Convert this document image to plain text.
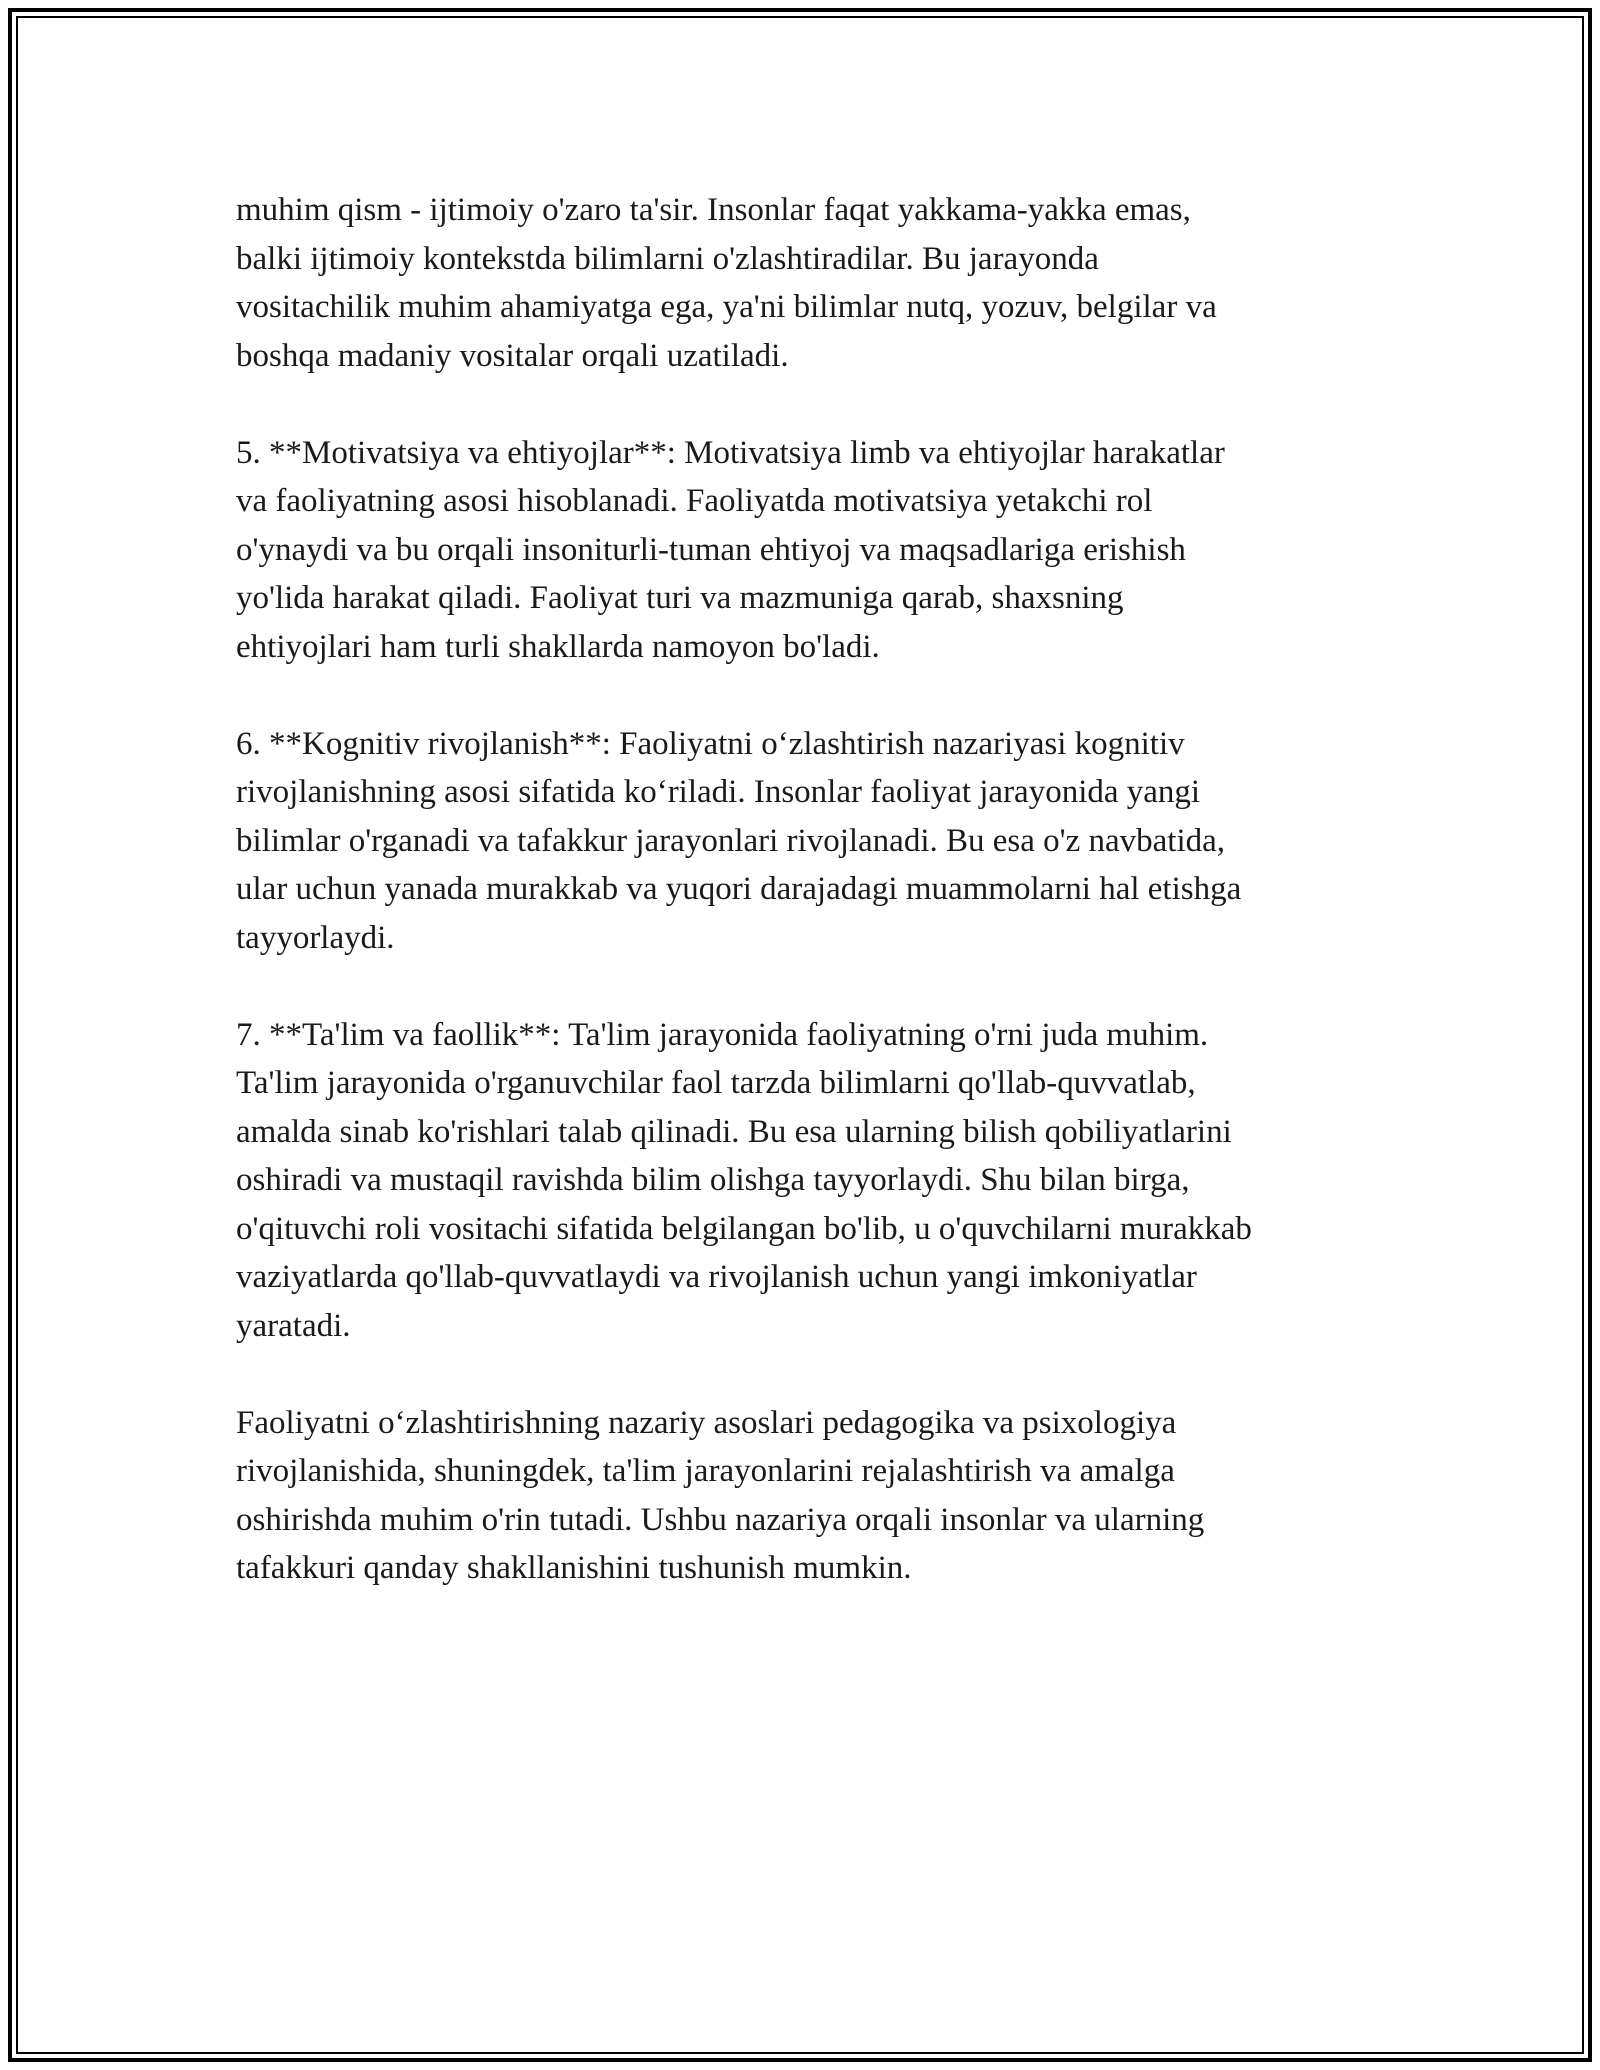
muhim qism - ijtimoiy o'zaro ta'sir. Insonlar faqat yakkama-yakka emas,
balki ijtimoiy kontekstda bilimlarni o'zlashtiradilar. Bu jarayonda
vositachilik muhim ahamiyatga ega, ya'ni bilimlar nutq, yozuv, belgilar va
boshqa madaniy vositalar orqali uzatiladi.

5. **Motivatsiya va ehtiyojlar**: Motivatsiya limb va ehtiyojlar harakatlar
va faoliyatning asosi hisoblanadi. Faoliyatda motivatsiya yetakchi rol
o'ynaydi va bu orqali insoniturli-tuman ehtiyoj va maqsadlariga erishish
yo'lida harakat qiladi. Faoliyat turi va mazmuniga qarab, shaxsning
ehtiyojlari ham turli shakllarda namoyon bo'ladi.

6. **Kognitiv rivojlanish**: Faoliyatni o‘zlashtirish nazariyasi kognitiv
rivojlanishning asosi sifatida ko‘riladi. Insonlar faoliyat jarayonida yangi
bilimlar o'rganadi va tafakkur jarayonlari rivojlanadi. Bu esa o'z navbatida,
ular uchun yanada murakkab va yuqori darajadagi muammolarni hal etishga
tayyorlaydi.

7. **Ta'lim va faollik**: Ta'lim jarayonida faoliyatning o'rni juda muhim.
Ta'lim jarayonida o'rganuvchilar faol tarzda bilimlarni qo'llab-quvvatlab,
amalda sinab ko'rishlari talab qilinadi. Bu esa ularning bilish qobiliyatlarini
oshiradi va mustaqil ravishda bilim olishga tayyorlaydi. Shu bilan birga,
o'qituvchi roli vositachi sifatida belgilangan bo'lib, u o'quvchilarni murakkab
vaziyatlarda qo'llab-quvvatlaydi va rivojlanish uchun yangi imkoniyatlar
yaratadi.

Faoliyatni o‘zlashtirishning nazariy asoslari pedagogika va psixologiya
rivojlanishida, shuningdek, ta'lim jarayonlarini rejalashtirish va amalga
oshirishda muhim o'rin tutadi. Ushbu nazariya orqali insonlar va ularning
tafakkuri qanday shakllanishini tushunish mumkin.
